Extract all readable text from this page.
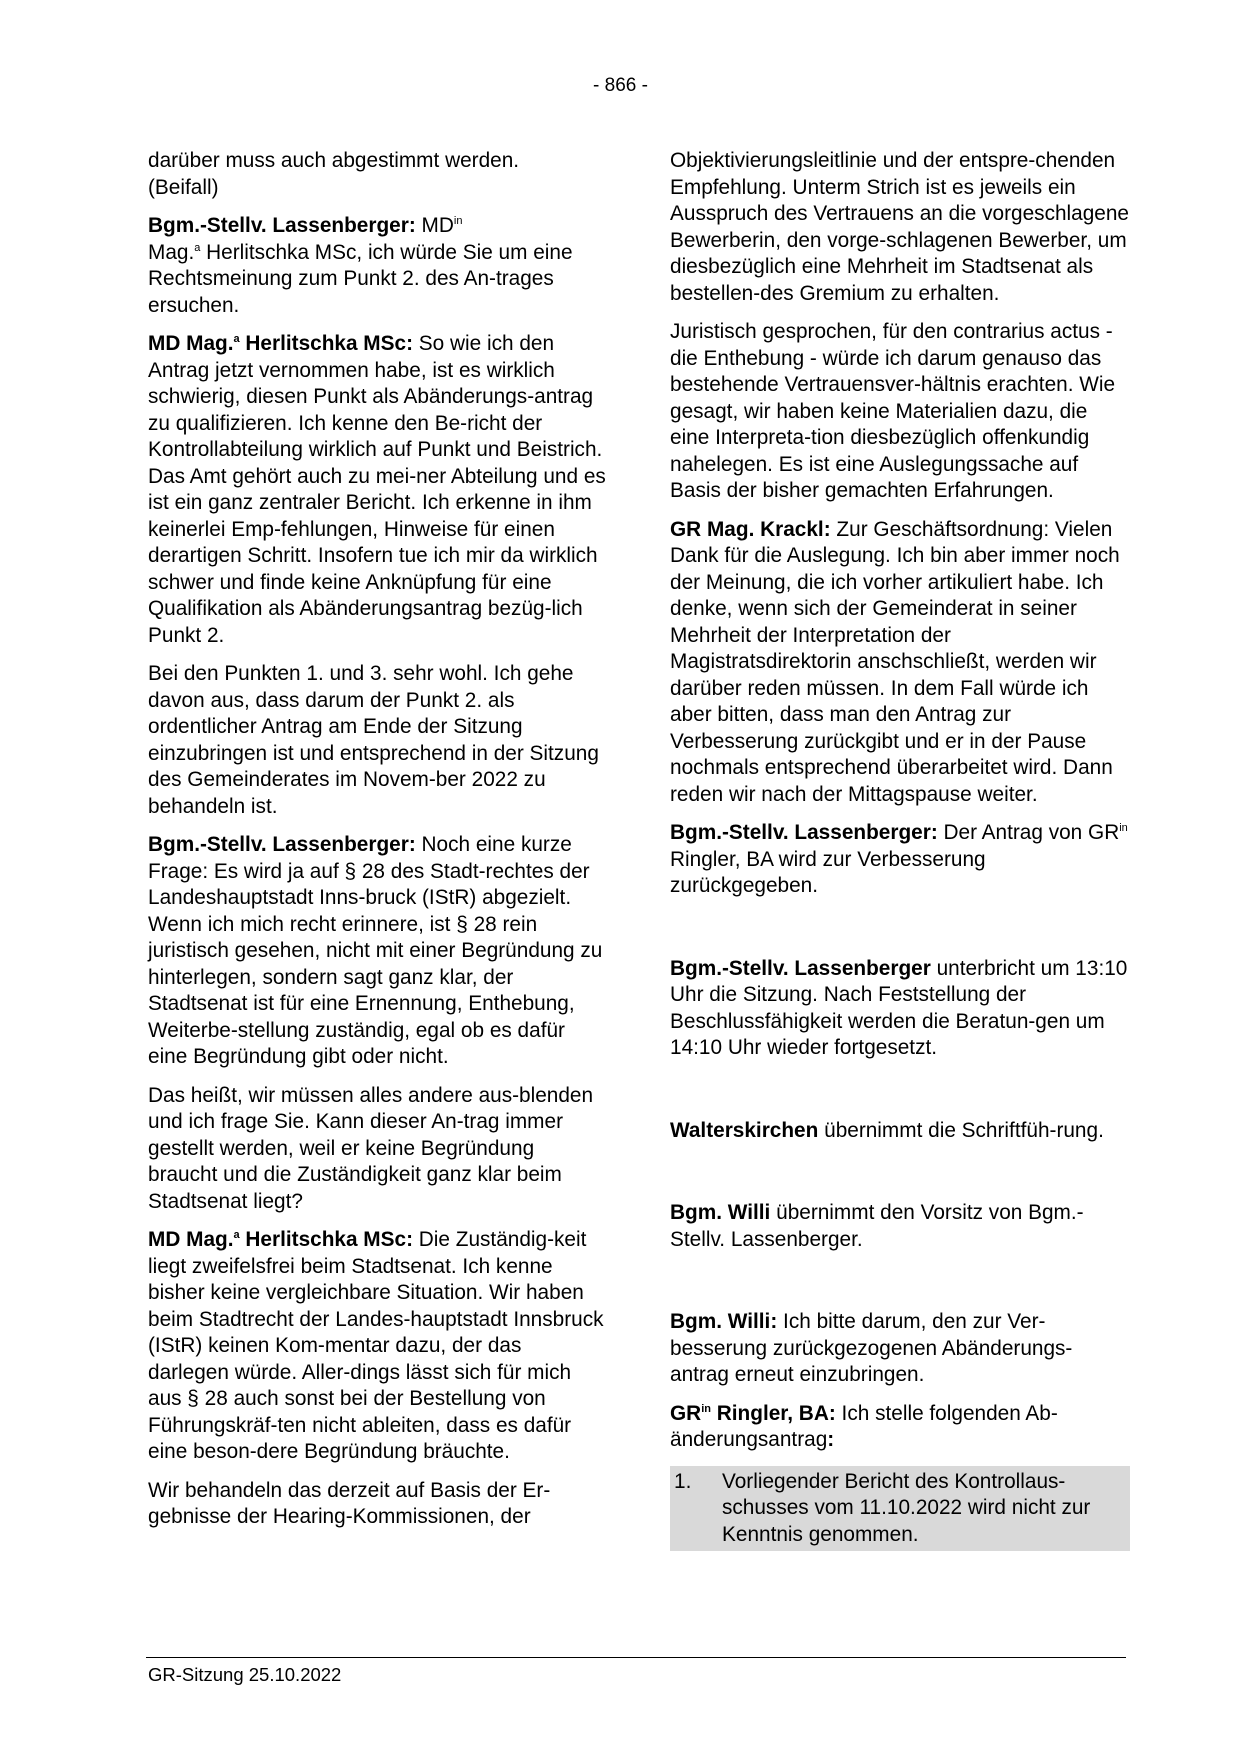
- 866 -

darüber muss auch abgestimmt werden.
(Beifall)

Bgm.-Stellv. Lassenberger: $MD^{in}$
Mag.$^a$ Herlitschka MSc, ich würde Sie um eine Rechtsmeinung zum Punkt 2. des An-trages ersuchen.

MD Mag.$^a$ Herlitschka MSc: So wie ich den Antrag jetzt vernommen habe, ist es wirklich schwierig, diesen Punkt als Abänderungs-antrag zu qualifizieren. Ich kenne den Be-richt der Kontrollabteilung wirklich auf Punkt und Beistrich. Das Amt gehört auch zu mei-ner Abteilung und es ist ein ganz zentraler Bericht. Ich erkenne in ihm keinerlei Emp-fehlungen, Hinweise für einen derartigen Schritt. Insofern tue ich mir da wirklich schwer und finde keine Anknüpfung für eine Qualifikation als Abänderungsantrag bezüg-lich Punkt 2.

Bei den Punkten 1. und 3. sehr wohl. Ich gehe davon aus, dass darum der Punkt 2. als ordentlicher Antrag am Ende der Sitzung einzubringen ist und entsprechend in der Sitzung des Gemeinderates im Novem-ber 2022 zu behandeln ist.

Bgm.-Stellv. Lassenberger: Noch eine kurze Frage: Es wird ja auf § 28 des Stadt-rechtes der Landeshauptstadt Inns-bruck (IStR) abgezielt. Wenn ich mich recht erinnere, ist § 28 rein juristisch gesehen, nicht mit einer Begründung zu hinterlegen, sondern sagt ganz klar, der Stadtsenat ist für eine Ernennung, Enthebung, Weiterbe-stellung zuständig, egal ob es dafür eine Begründung gibt oder nicht.

Das heißt, wir müssen alles andere aus-blenden und ich frage Sie. Kann dieser An-trag immer gestellt werden, weil er keine Begründung braucht und die Zuständigkeit ganz klar beim Stadtsenat liegt?

MD Mag.$^a$ Herlitschka MSc: Die Zuständig-keit liegt zweifelsfrei beim Stadtsenat. Ich kenne bisher keine vergleichbare Situation. Wir haben beim Stadtrecht der Landes-hauptstadt Innsbruck (IStR) keinen Kom-mentar dazu, der das darlegen würde. Aller-dings lässt sich für mich aus § 28 auch sonst bei der Bestellung von Führungskräf-ten nicht ableiten, dass es dafür eine beson-dere Begründung bräuchte.

Wir behandeln das derzeit auf Basis der Er-gebnisse der Hearing-Kommissionen, der

Objektivierungsleitlinie und der entspre-chenden Empfehlung. Unterm Strich ist es jeweils ein Ausspruch des Vertrauens an die vorgeschlagene Bewerberin, den vorge-schlagenen Bewerber, um diesbezüglich eine Mehrheit im Stadtsenat als bestellen-des Gremium zu erhalten.

Juristisch gesprochen, für den contrarius actus - die Enthebung - würde ich darum genauso das bestehende Vertrauensver-hältnis erachten. Wie gesagt, wir haben keine Materialien dazu, die eine Interpreta-tion diesbezüglich offenkundig nahelegen. Es ist eine Auslegungssache auf Basis der bisher gemachten Erfahrungen.

GR Mag. Krackl: Zur Geschäftsordnung: Vielen Dank für die Auslegung. Ich bin aber immer noch der Meinung, die ich vorher artikuliert habe. Ich denke, wenn sich der Gemeinderat in seiner Mehrheit der Interpretation der Magistratsdirektorin anschschließt, werden wir darüber reden müssen. In dem Fall würde ich aber bitten, dass man den Antrag zur Verbesserung zurückgibt und er in der Pause nochmals entsprechend überarbeitet wird. Dann reden wir nach der Mittagspause weiter.

Bgm.-Stellv. Lassenberger: Der Antrag von $GR^{in}$ Ringler, BA wird zur Verbesserung zurückgegeben.

Bgm.-Stellv. Lassenberger unterbricht um 13:10 Uhr die Sitzung. Nach Feststellung der Beschlussfähigkeit werden die Beratun-gen um 14:10 Uhr wieder fortgesetzt.

Walterskirchen übernimmt die Schriftfüh-rung.

Bgm. Willi übernimmt den Vorsitz von Bgm.-Stellv. Lassenberger.

Bgm. Willi: Ich bitte darum, den zur Ver-besserung zurückgezogenen Abänderungs-antrag erneut einzubringen.

$GR^{in}$ Ringler, BA: Ich stelle folgenden Ab-änderungsantrag:

1.	Vorliegender Bericht des Kontrollaus-schusses vom 11.10.2022 wird nicht zur Kenntnis genommen.
GR-Sitzung 25.10.2022
